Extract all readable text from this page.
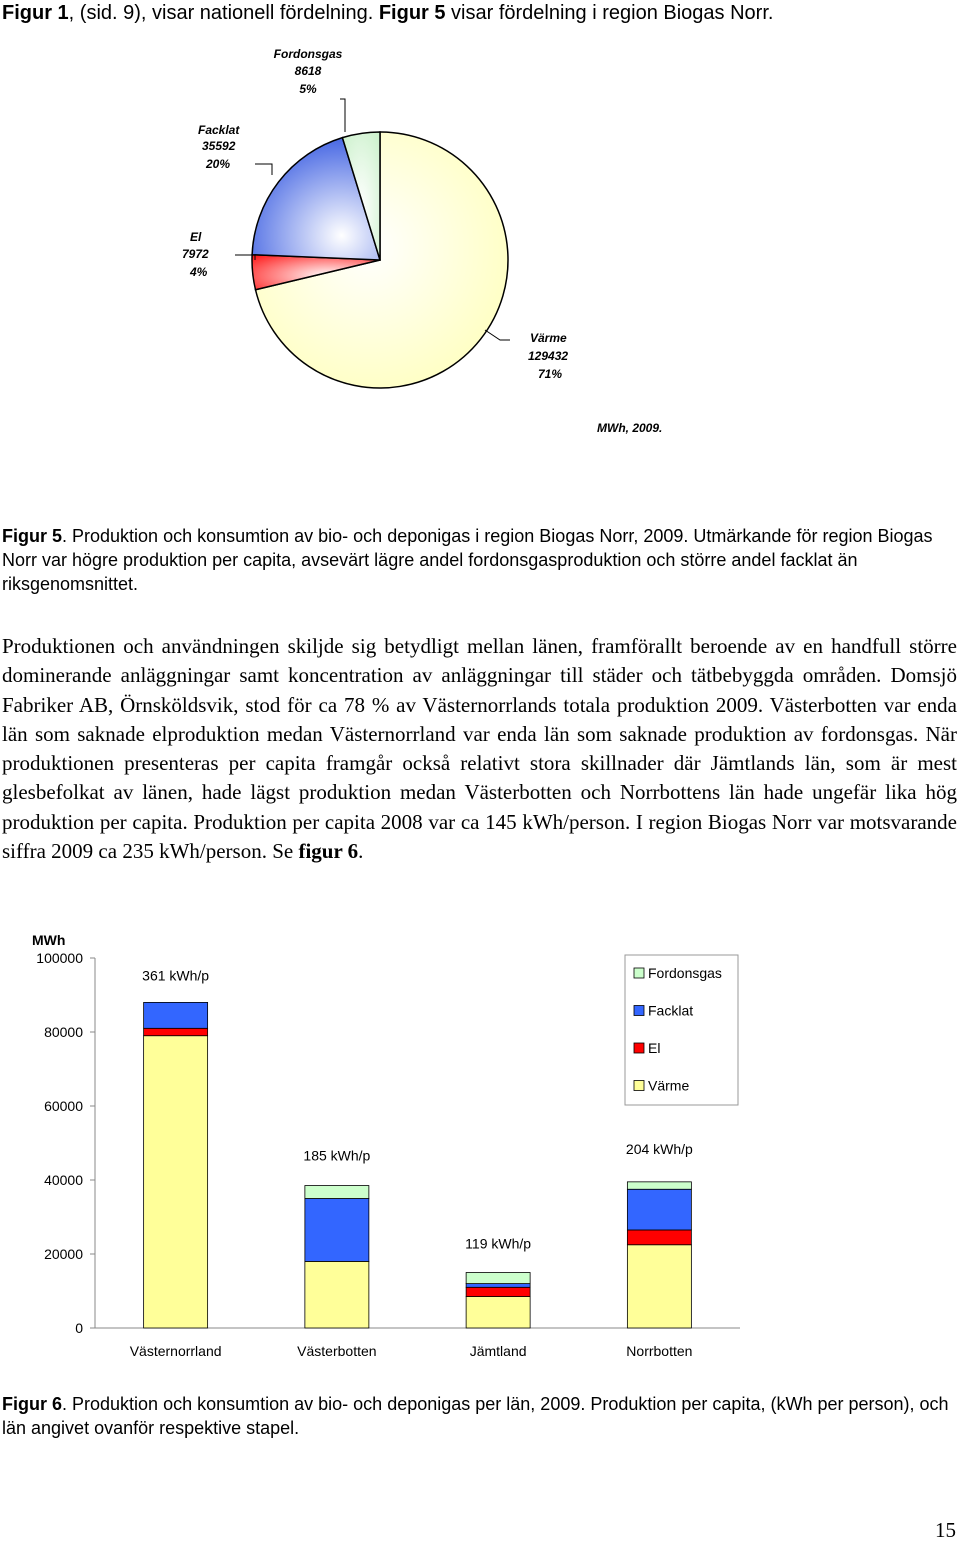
Figur 1, (sid. 9), visar nationell fördelning. Figur 5 visar fördelning i region Biogas Norr.
Fordonsgas
8618
5%
Facklat
35592
20%
El
7972
4%
Värme
129432
71%
MWh, 2009.
Figur 5. Produktion och konsumtion av bio- och deponigas i region Biogas Norr, 2009. Utmärkande för region Biogas Norr var högre produktion per capita, avsevärt lägre andel fordonsgasproduktion och större andel facklat än riksgenomsnittet.
Produktionen och användningen skiljde sig betydligt mellan länen, framförallt beroende av en handfull större dominerande anläggningar samt koncentration av anläggningar till städer och tätbebyggda områden. Domsjö Fabriker AB, Örnsköldsvik, stod för ca 78 % av Västernorrlands totala produktion 2009. Västerbotten var enda län som saknade elproduktion medan Västernorrland var enda län som saknade produktion av fordonsgas. När produktionen presenteras per capita framgår också relativt stora skillnader där Jämtlands län, som är mest glesbefolkat av länen, hade lägst produktion medan Västerbotten och Norrbottens län hade ungefär lika hög produktion per capita. Produktion per capita 2008 var ca 145 kWh/person. I region Biogas Norr var motsvarande siffra 2009 ca 235 kWh/person. Se figur 6.
MWh
0
20000
40000
60000
80000
100000
361 kWh/p
185 kWh/p
119 kWh/p
204 kWh/p
Västernorrland	Västerbotten	Jämtland	Norrbotten
Fordonsgas
Facklat
El
Värme
Figur 6. Produktion och konsumtion av bio- och deponigas per län, 2009. Produktion per capita, (kWh per person), och län angivet ovanför respektive stapel.
15
